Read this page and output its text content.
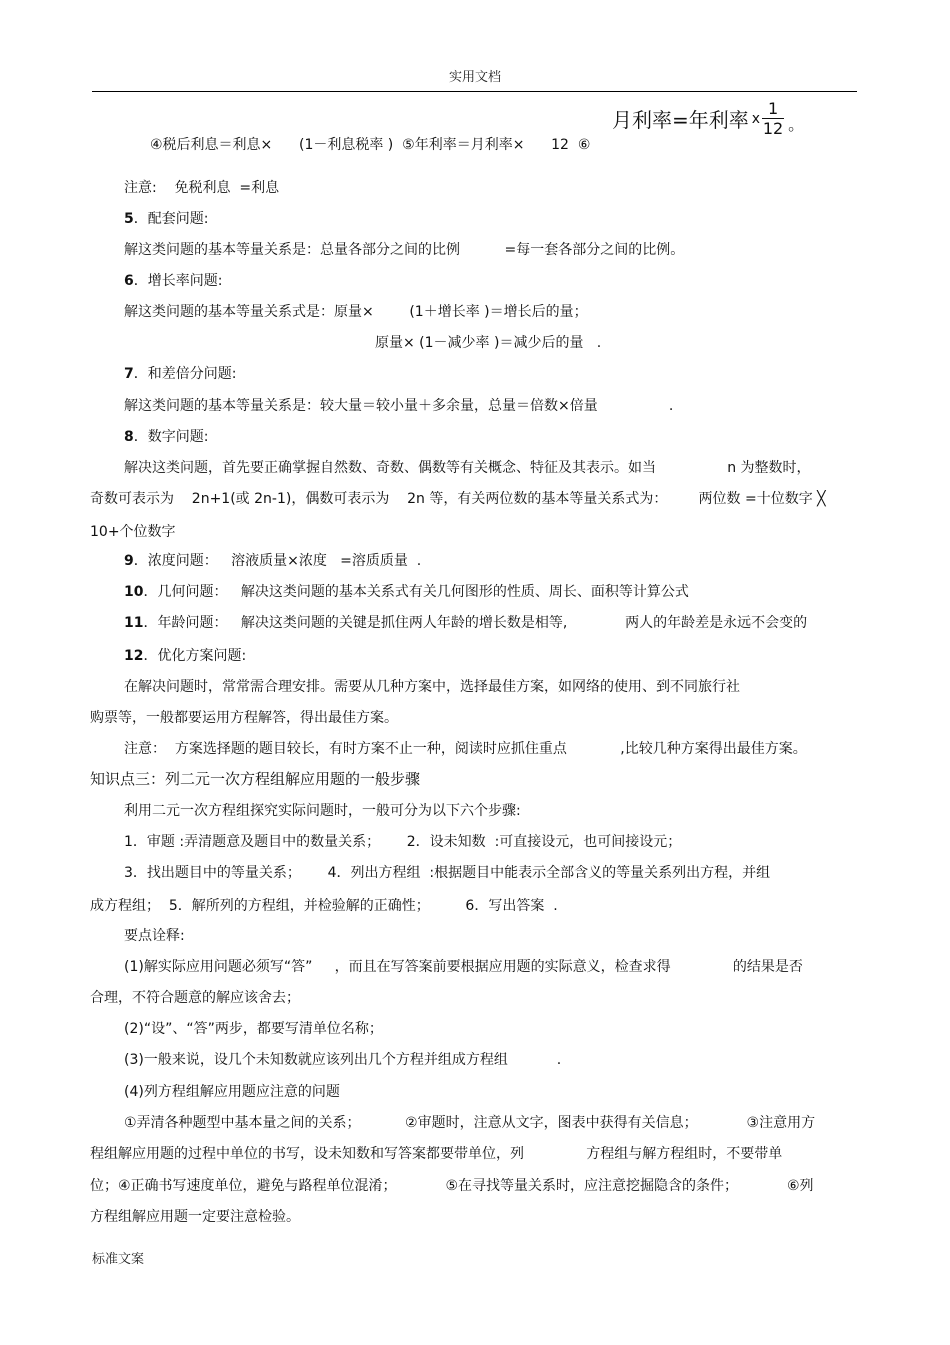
实用文档
④税后利息＝利息×      (1－利息税率 )  ⑤年利率＝月利率×      12  ⑥
月利率=年利率 x $\frac{1}{12}$ 。
注意:    免税利息  =利息
5．配套问题:
解这类问题的基本等量关系是：总量各部分之间的比例          =每一套各部分之间的比例。
6．增长率问题:
解这类问题的基本等量关系式是：原量×        (1＋增长率 )＝增长后的量；
原量× (1－减少率 )＝减少后的量   .
7．和差倍分问题:
解这类问题的基本等量关系是：较大量＝较小量＋多余量，总量＝倍数×倍量                .
8．数字问题:
解决这类问题，首先要正确掌握自然数、奇数、偶数等有关概念、特征及其表示。如当                n 为整数时，
奇数可表示为    2n+1(或 2n-1)，偶数可表示为    2n 等，有关两位数的基本等量关系式为：       两位数 =十位数字 ╳
10+个位数字
9．浓度问题：   溶液质量×浓度   =溶质质量  .
10．几何问题：   解决这类问题的基本关系式有关几何图形的性质、周长、面积等计算公式
11．年龄问题：   解决这类问题的关键是抓住两人年龄的增长数是相等,             两人的年龄差是永远不会变的
12．优化方案问题:
在解决问题时，常常需合理安排。需要从几种方案中，选择最佳方案，如网络的使用、到不同旅行社
购票等，一般都要运用方程解答，得出最佳方案。
注意：  方案选择题的题目较长，有时方案不止一种，阅读时应抓住重点            ,比较几种方案得出最佳方案。
知识点三：列二元一次方程组解应用题的一般步骤
利用二元一次方程组探究实际问题时，一般可分为以下六个步骤:
1．审题 :弄清题意及题目中的数量关系；      2．设未知数  :可直接设元，也可间接设元；
3．找出题目中的等量关系；      4．列出方程组  :根据题目中能表示全部含义的等量关系列出方程，并组
成方程组；  5．解所列的方程组，并检验解的正确性；        6．写出答案  .
要点诠释:
(1)解实际应用问题必须写“答”     ，而且在写答案前要根据应用题的实际意义，检查求得              的结果是否
合理，不符合题意的解应该舍去；
(2)“设”、“答”两步，都要写清单位名称；
(3)一般来说，设几个未知数就应该列出几个方程并组成方程组           .
(4)列方程组解应用题应注意的问题
①弄清各种题型中基本量之间的关系；          ②审题时，注意从文字，图表中获得有关信息；           ③注意用方
程组解应用题的过程中单位的书写，设未知数和写答案都要带单位，列              方程组与解方程组时，不要带单
位；④正确书写速度单位，避免与路程单位混淆；           ⑤在寻找等量关系时，应注意挖掘隐含的条件；           ⑥列
方程组解应用题一定要注意检验。
标准文案
